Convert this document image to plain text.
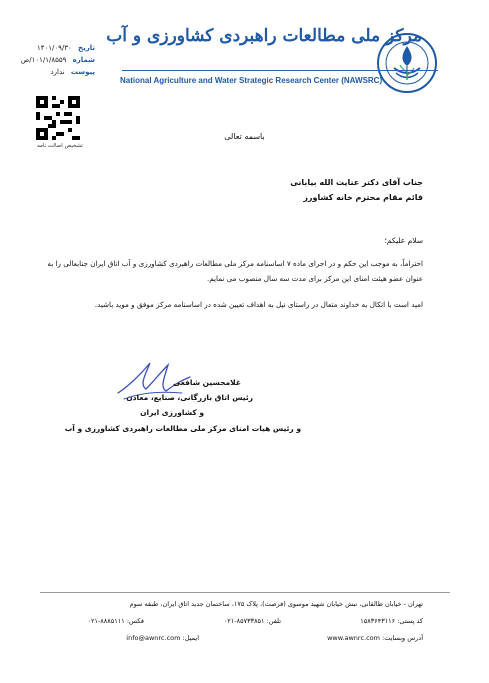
مرکز ملی مطالعات راهبردی کشاورزی و آب
National Agriculture and Water Strategic Research Center (NAWSRC)
تاریخ ۱۴۰۱/۰۹/۳۰
شماره ۱۰۱/۱/۸۵۵۹/ص
پیوست ندارد
تشخیص اصالت نامه
باسمه تعالی
جناب آقای دکتر عنایت الله بیابانی
قائم مقام محترم خانه کشاورز
سلام علیکم؛
احتراماً، به موجب این حکم و در اجرای ماده ۷ اساسنامه مرکز ملی مطالعات راهبردی کشاورزی و آب اتاق ایران جنابعالی را به عنوان عضو هیئت امنای این مرکز برای مدت سه سال منصوب می نمایم.
امید است با اتکال به خداوند متعال در راستای نیل به اهداف تعیین شده در اساسنامه مرکز موفق و موید باشید.
غلامحسین شافعی
رئیس اتاق بازرگانی، صنایع، معادن
و کشاورزی ایران
و رئیس هیات امنای مرکز ملی مطالعات راهبردی کشاورزی و آب
تهران - خیابان طالقانی، نبش خیابان شهید موسوی (فرصت)، پلاک ۱۷۵، ساختمان جدید اتاق ایران، طبقه سوم
کد پستی: ۱۵۸۳۶۴۳۱۱۶
تلفن: ۸۵۷۳۳۸۵۱-۰۲۱
فکس: ۸۸۸۵۱۱۱-۰۲۱
آدرس وبسایت: www.awnrc.com
ایمیل: info@awnrc.com
